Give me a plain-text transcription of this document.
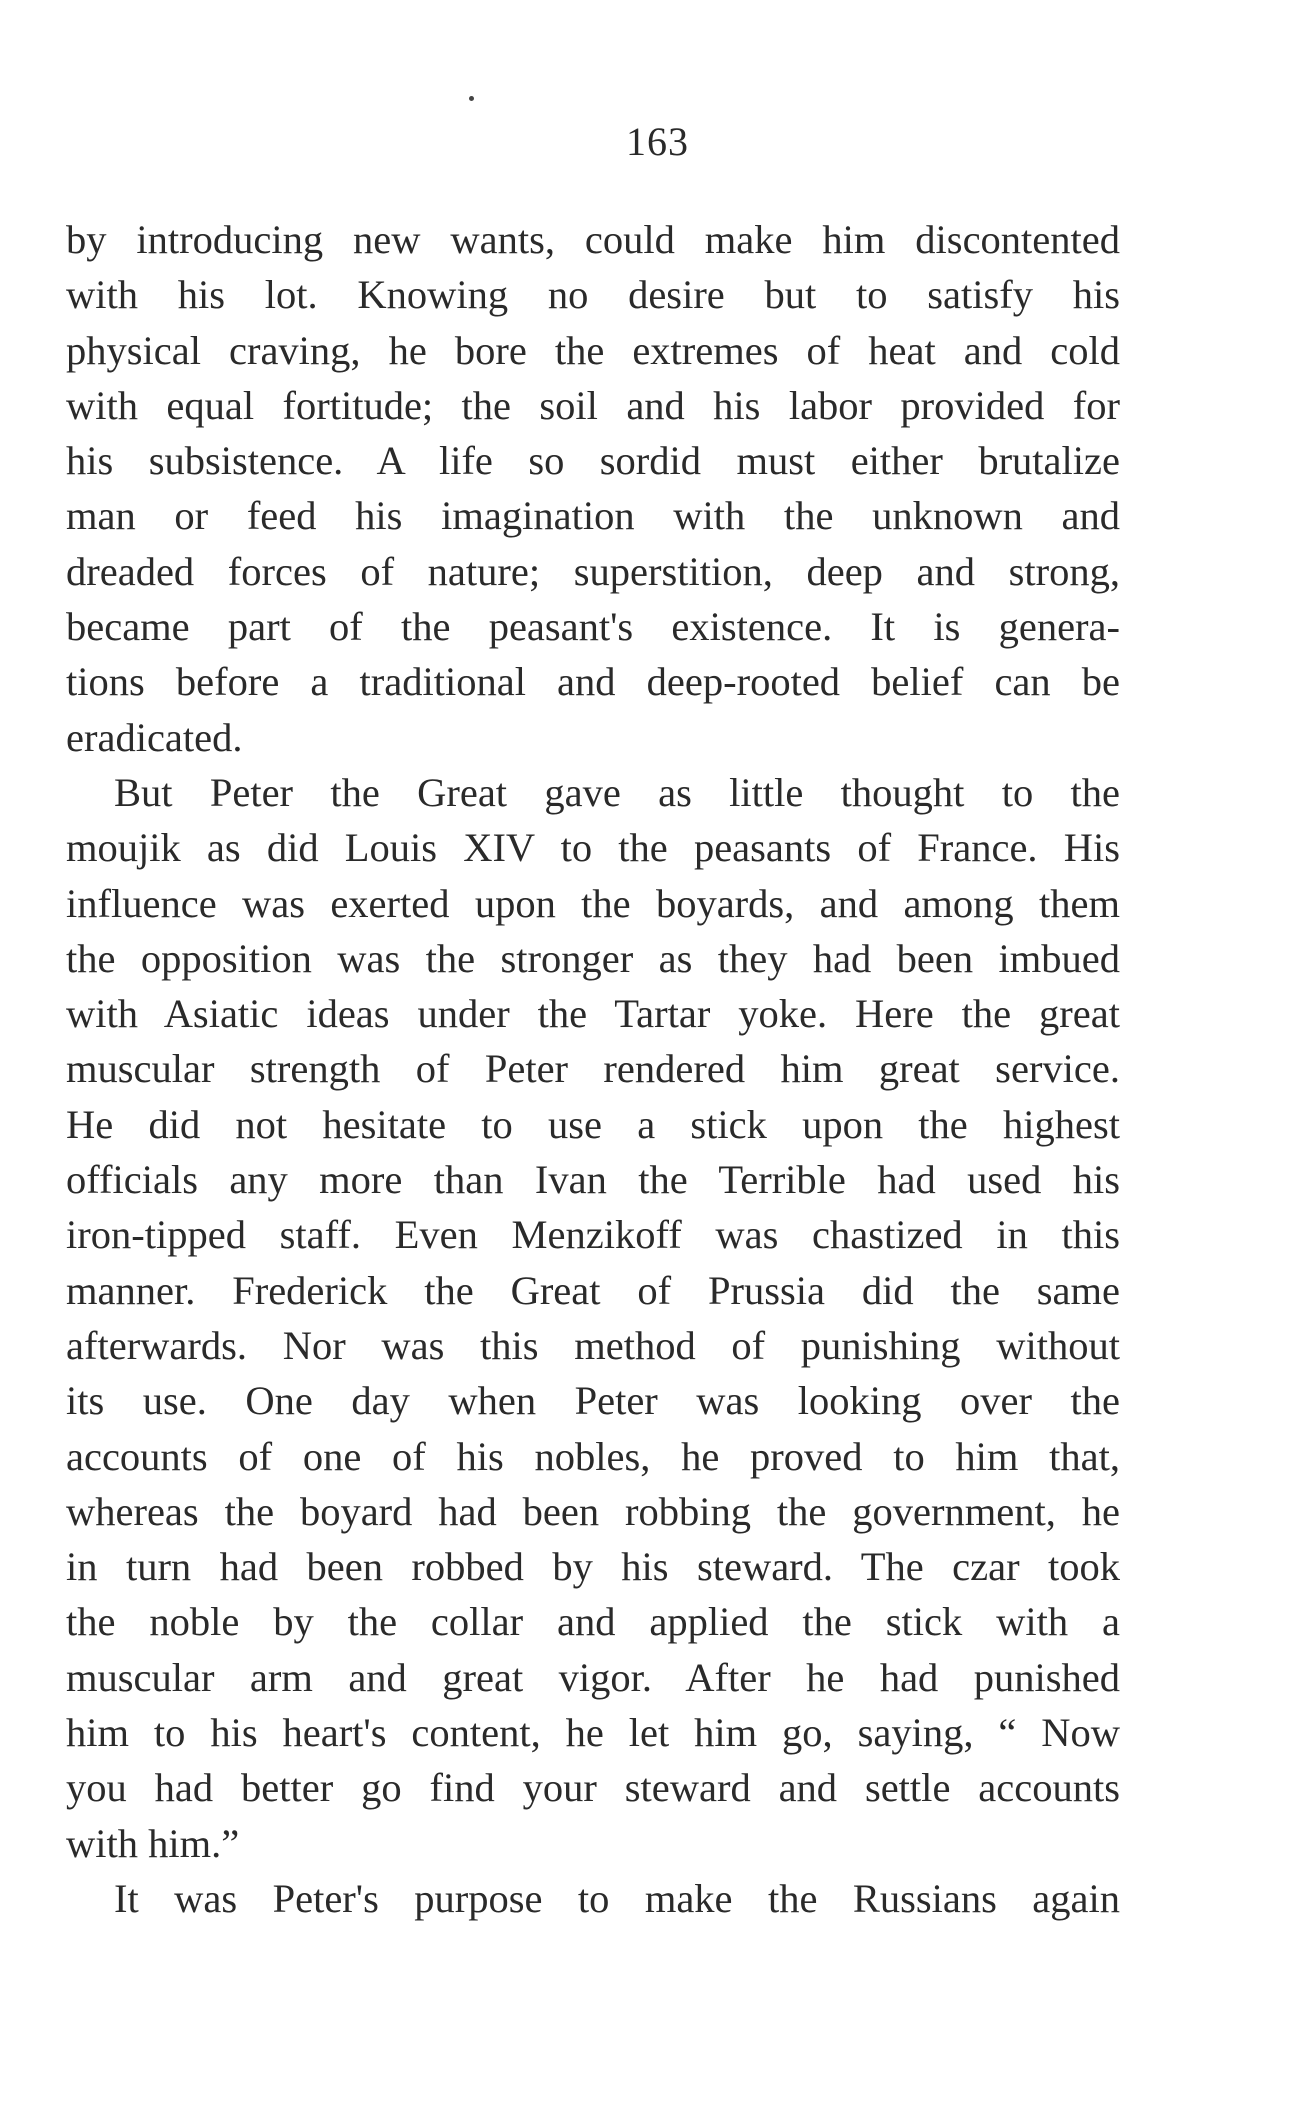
163
by introducing new wants, could make him discontented
with his lot. Knowing no desire but to satisfy his
physical craving, he bore the extremes of heat and cold
with equal fortitude; the soil and his labor provided for
his subsistence. A life so sordid must either brutalize
man or feed his imagination with the unknown and
dreaded forces of nature; superstition, deep and strong,
became part of the peasant's existence. It is genera-
tions before a traditional and deep-rooted belief can be
eradicated.
But Peter the Great gave as little thought to the
moujik as did Louis XIV to the peasants of France. His
influence was exerted upon the boyards, and among them
the opposition was the stronger as they had been imbued
with Asiatic ideas under the Tartar yoke. Here the great
muscular strength of Peter rendered him great service.
He did not hesitate to use a stick upon the highest
officials any more than Ivan the Terrible had used his
iron-tipped staff. Even Menzikoff was chastized in this
manner. Frederick the Great of Prussia did the same
afterwards. Nor was this method of punishing without
its use. One day when Peter was looking over the
accounts of one of his nobles, he proved to him that,
whereas the boyard had been robbing the government, he
in turn had been robbed by his steward. The czar took
the noble by the collar and applied the stick with a
muscular arm and great vigor. After he had punished
him to his heart's content, he let him go, saying, “ Now
you had better go find your steward and settle accounts
with him.”
It was Peter's purpose to make the Russians again
